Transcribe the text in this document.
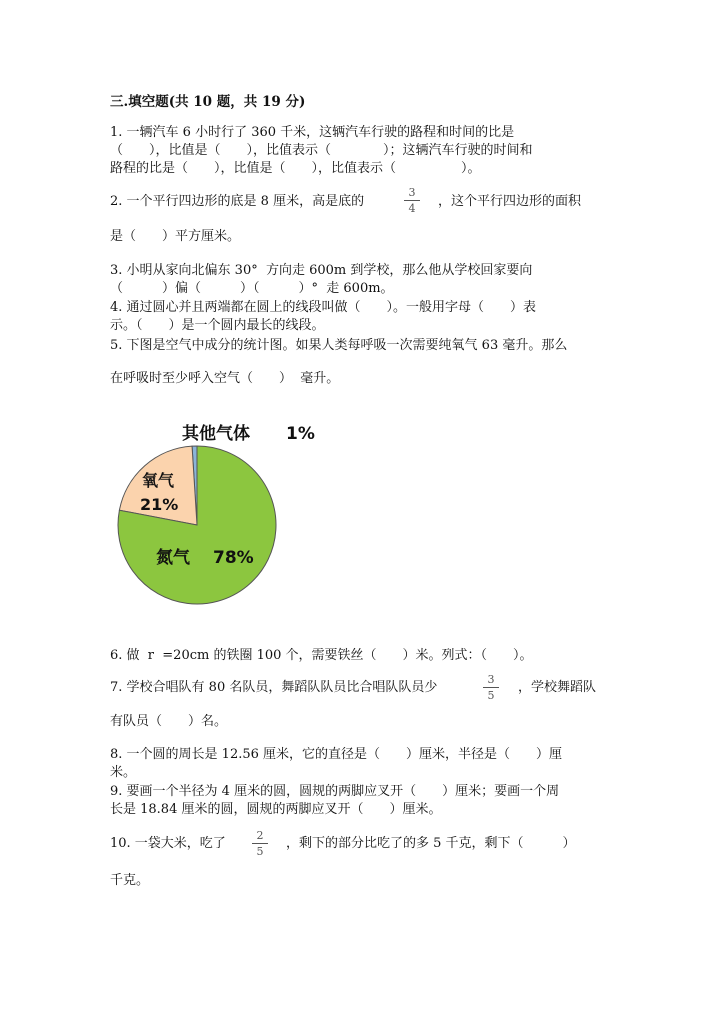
三.填空题(共 10 题，共 19 分)
1. 一辆汽车 6 小时行了 360 千米，这辆汽车行驶的路程和时间的比是
（　　），比值是（　　），比值表示（　　　　）；这辆汽车行驶的时间和
路程的比是（　　），比值是（　　），比值表示（　　　　　）。
2. 一个平行四边形的底是 8 厘米，高是底的
3
4	，这个平行四边形的面积
是（　　）平方厘米。
3. 小明从家向北偏东 30°  方向走 600m 到学校，那么他从学校回家要向
（　　　）偏（　　　）（　　　）°  走 600m。
4. 通过圆心并且两端都在圆上的线段叫做（　　）。一般用字母（　　）表
示。（　　）是一个圆内最长的线段。
5. 下图是空气中成分的统计图。如果人类每呼吸一次需要纯氧气 63 毫升。那么
在呼吸时至少呼入空气（　　）  毫升。
其他气体 1%
氧气
21%
氮气 78%
6. 做  r  =20cm 的铁圈 100 个，需要铁丝（　　）米。列式：（　　）。
7. 学校合唱队有 80 名队员，舞蹈队队员比合唱队队员少
3
5
，学校舞蹈队
有队员（　　）名。
8. 一个圆的周长是 12.56 厘米，它的直径是（　　）厘米，半径是（　　）厘
米。
9. 要画一个半径为 4 厘米的圆，圆规的两脚应叉开（　　）厘米；要画一个周
长是 18.84 厘米的圆，圆规的两脚应叉开（　　）厘米。
10. 一袋大米，吃了
2
5
，剩下的部分比吃了的多 5 千克，剩下（　　　）
千克。
